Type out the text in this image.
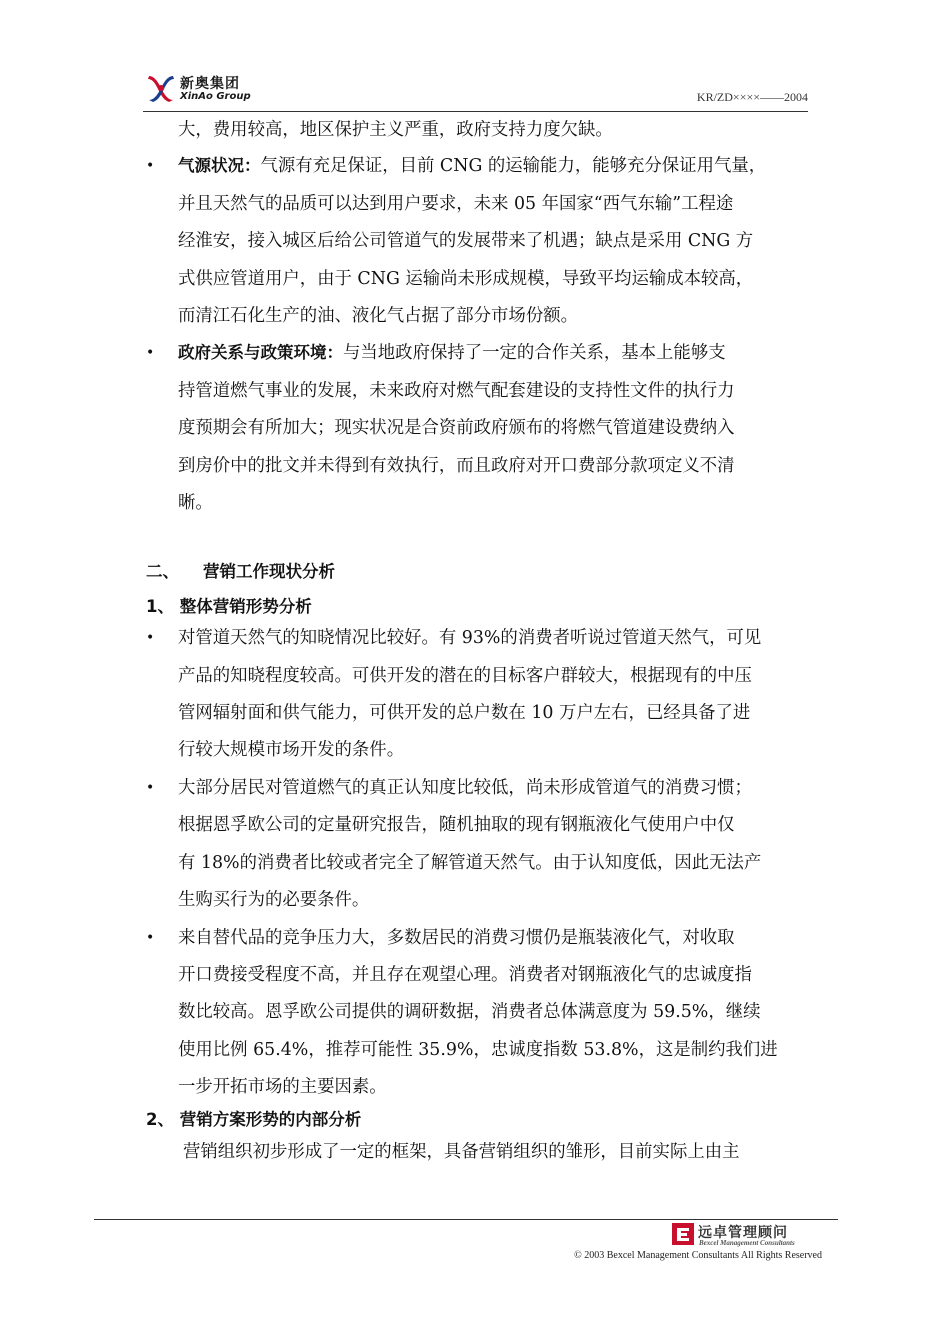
新奥集团
XinAo Group	KR/ZD××××——2004
大，费用较高，地区保护主义严重，政府支持力度欠缺。
• 气源状况：气源有充足保证，目前 CNG 的运输能力，能够充分保证用气量，
并且天然气的品质可以达到用户要求，未来 05 年国家“西气东输”工程途
经淮安，接入城区后给公司管道气的发展带来了机遇；缺点是采用 CNG 方
式供应管道用户，由于 CNG 运输尚未形成规模，导致平均运输成本较高，
而清江石化生产的油、液化气占据了部分市场份额。
• 政府关系与政策环境：与当地政府保持了一定的合作关系，基本上能够支
持管道燃气事业的发展，未来政府对燃气配套建设的支持性文件的执行力
度预期会有所加大；现实状况是合资前政府颁布的将燃气管道建设费纳入
到房价中的批文并未得到有效执行，而且政府对开口费部分款项定义不清
晰。
二、 营销工作现状分析
1、 整体营销形势分析
• 对管道天然气的知晓情况比较好。有 93%的消费者听说过管道天然气，可见
产品的知晓程度较高。可供开发的潜在的目标客户群较大，根据现有的中压
管网辐射面和供气能力，可供开发的总户数在 10 万户左右，已经具备了进
行较大规模市场开发的条件。
• 大部分居民对管道燃气的真正认知度比较低，尚未形成管道气的消费习惯；
根据恩孚欧公司的定量研究报告，随机抽取的现有钢瓶液化气使用户中仅
有 18%的消费者比较或者完全了解管道天然气。由于认知度低，因此无法产
生购买行为的必要条件。
• 来自替代品的竞争压力大，多数居民的消费习惯仍是瓶装液化气，对收取
开口费接受程度不高，并且存在观望心理。消费者对钢瓶液化气的忠诚度指
数比较高。恩孚欧公司提供的调研数据，消费者总体满意度为 59.5%，继续
使用比例 65.4%，推荐可能性 35.9%，忠诚度指数 53.8%，这是制约我们进
一步开拓市场的主要因素。
2、 营销方案形势的内部分析
营销组织初步形成了一定的框架，具备营销组织的雏形，目前实际上由主
远卓管理顾问
Bexcel Management Consultants
© 2003 Bexcel Management Consultants All Rights Reserved
